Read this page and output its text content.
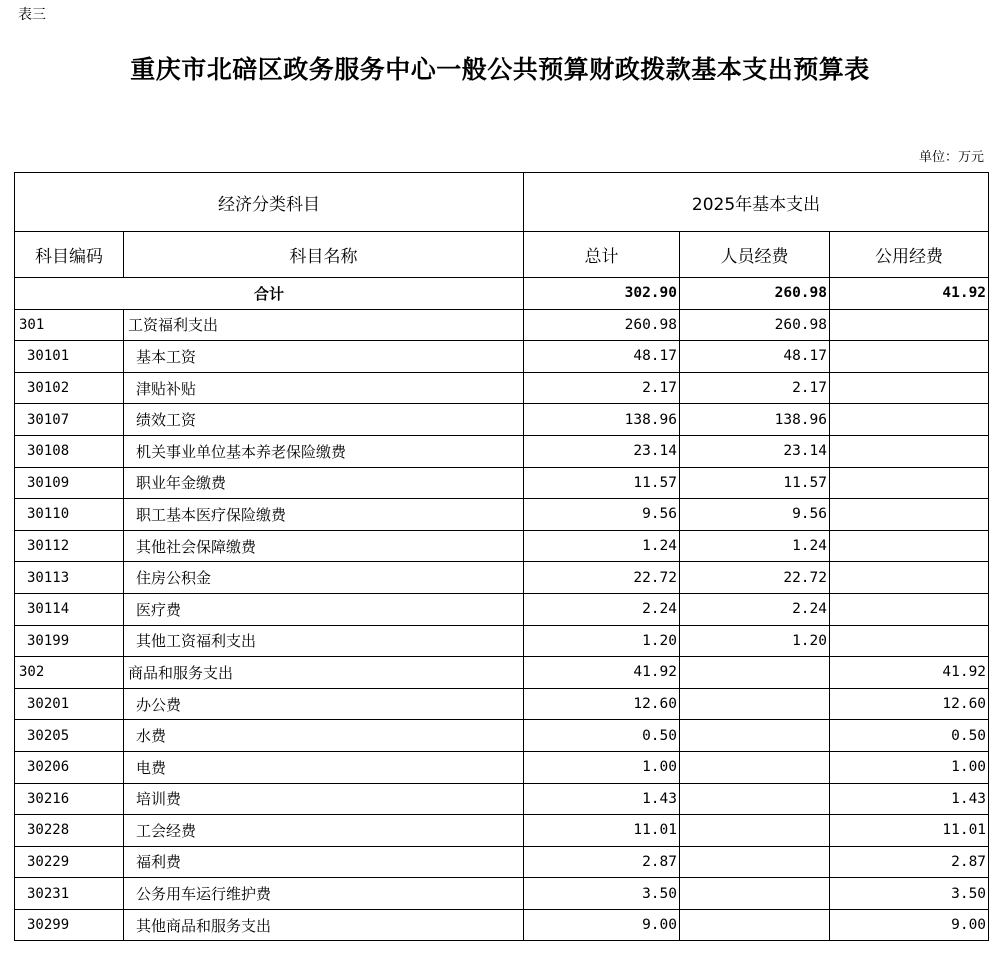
表三
重庆市北碚区政务服务中心一般公共预算财政拨款基本支出预算表
单位：万元
经济分类科目		2025年基本支出		
科目编码	科目名称	总计	人员经费	公用经费
合计		302.90	260.98	41.92
301	工资福利支出	260.98	260.98	
30101	基本工资	48.17	48.17	
30102	津贴补贴	2.17	2.17	
30107	绩效工资	138.96	138.96	
30108	机关事业单位基本养老保险缴费	23.14	23.14	
30109	职业年金缴费	11.57	11.57	
30110	职工基本医疗保险缴费	9.56	9.56	
30112	其他社会保障缴费	1.24	1.24	
30113	住房公积金	22.72	22.72	
30114	医疗费	2.24	2.24	
30199	其他工资福利支出	1.20	1.20	
302	商品和服务支出	41.92		41.92
30201	办公费	12.60		12.60
30205	水费	0.50		0.50
30206	电费	1.00		1.00
30216	培训费	1.43		1.43
30228	工会经费	11.01		11.01
30229	福利费	2.87		2.87
30231	公务用车运行维护费	3.50		3.50
30299	其他商品和服务支出	9.00		9.00
